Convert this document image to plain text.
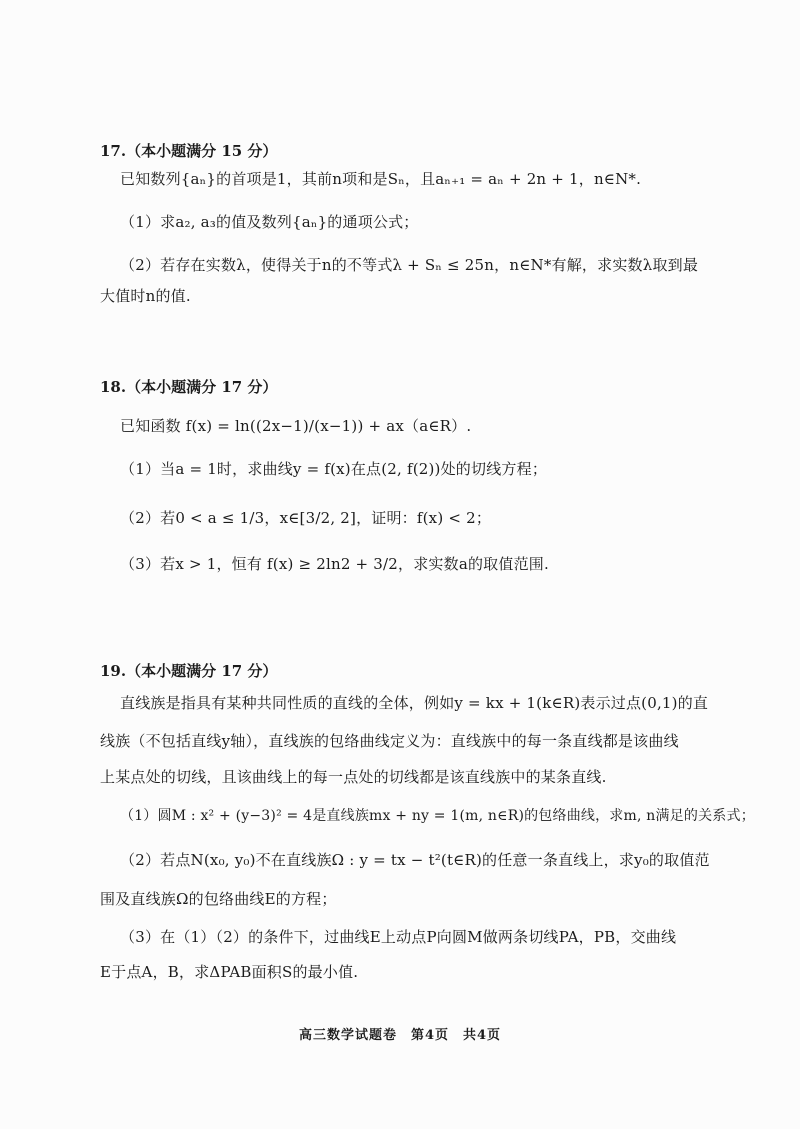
17.（本小题满分 15 分）
已知数列{aₙ}的首项是1，其前n项和是Sₙ，且aₙ₊₁ = aₙ + 2n + 1，n∈N*.
（1）求a₂, a₃的值及数列{aₙ}的通项公式；
（2）若存在实数λ，使得关于n的不等式λ + Sₙ ≤ 25n，n∈N*有解，求实数λ取到最
大值时n的值.
18.（本小题满分 17 分）
已知函数 f(x) = ln((2x−1)/(x−1)) + ax（a∈R）.
（1）当a = 1时，求曲线y = f(x)在点(2, f(2))处的切线方程；
（2）若0 < a ≤ 1/3，x∈[3/2, 2]，证明：f(x) < 2；
（3）若x > 1，恒有 f(x) ≥ 2ln2 + 3/2，求实数a的取值范围.
19.（本小题满分 17 分）
直线族是指具有某种共同性质的直线的全体，例如y = kx + 1(k∈R)表示过点(0,1)的直
线族（不包括直线y轴），直线族的包络曲线定义为：直线族中的每一条直线都是该曲线
上某点处的切线，且该曲线上的每一点处的切线都是该直线族中的某条直线.
（1）圆M : x² + (y−3)² = 4是直线族mx + ny = 1(m, n∈R)的包络曲线，求m, n满足的关系式；
（2）若点N(x₀, y₀)不在直线族Ω : y = tx − t²(t∈R)的任意一条直线上，求y₀的取值范
围及直线族Ω的包络曲线E的方程；
（3）在（1）（2）的条件下，过曲线E上动点P向圆M做两条切线PA，PB，交曲线
E于点A，B，求ΔPAB面积S的最小值.
高三数学试题卷　第4页　共4页
